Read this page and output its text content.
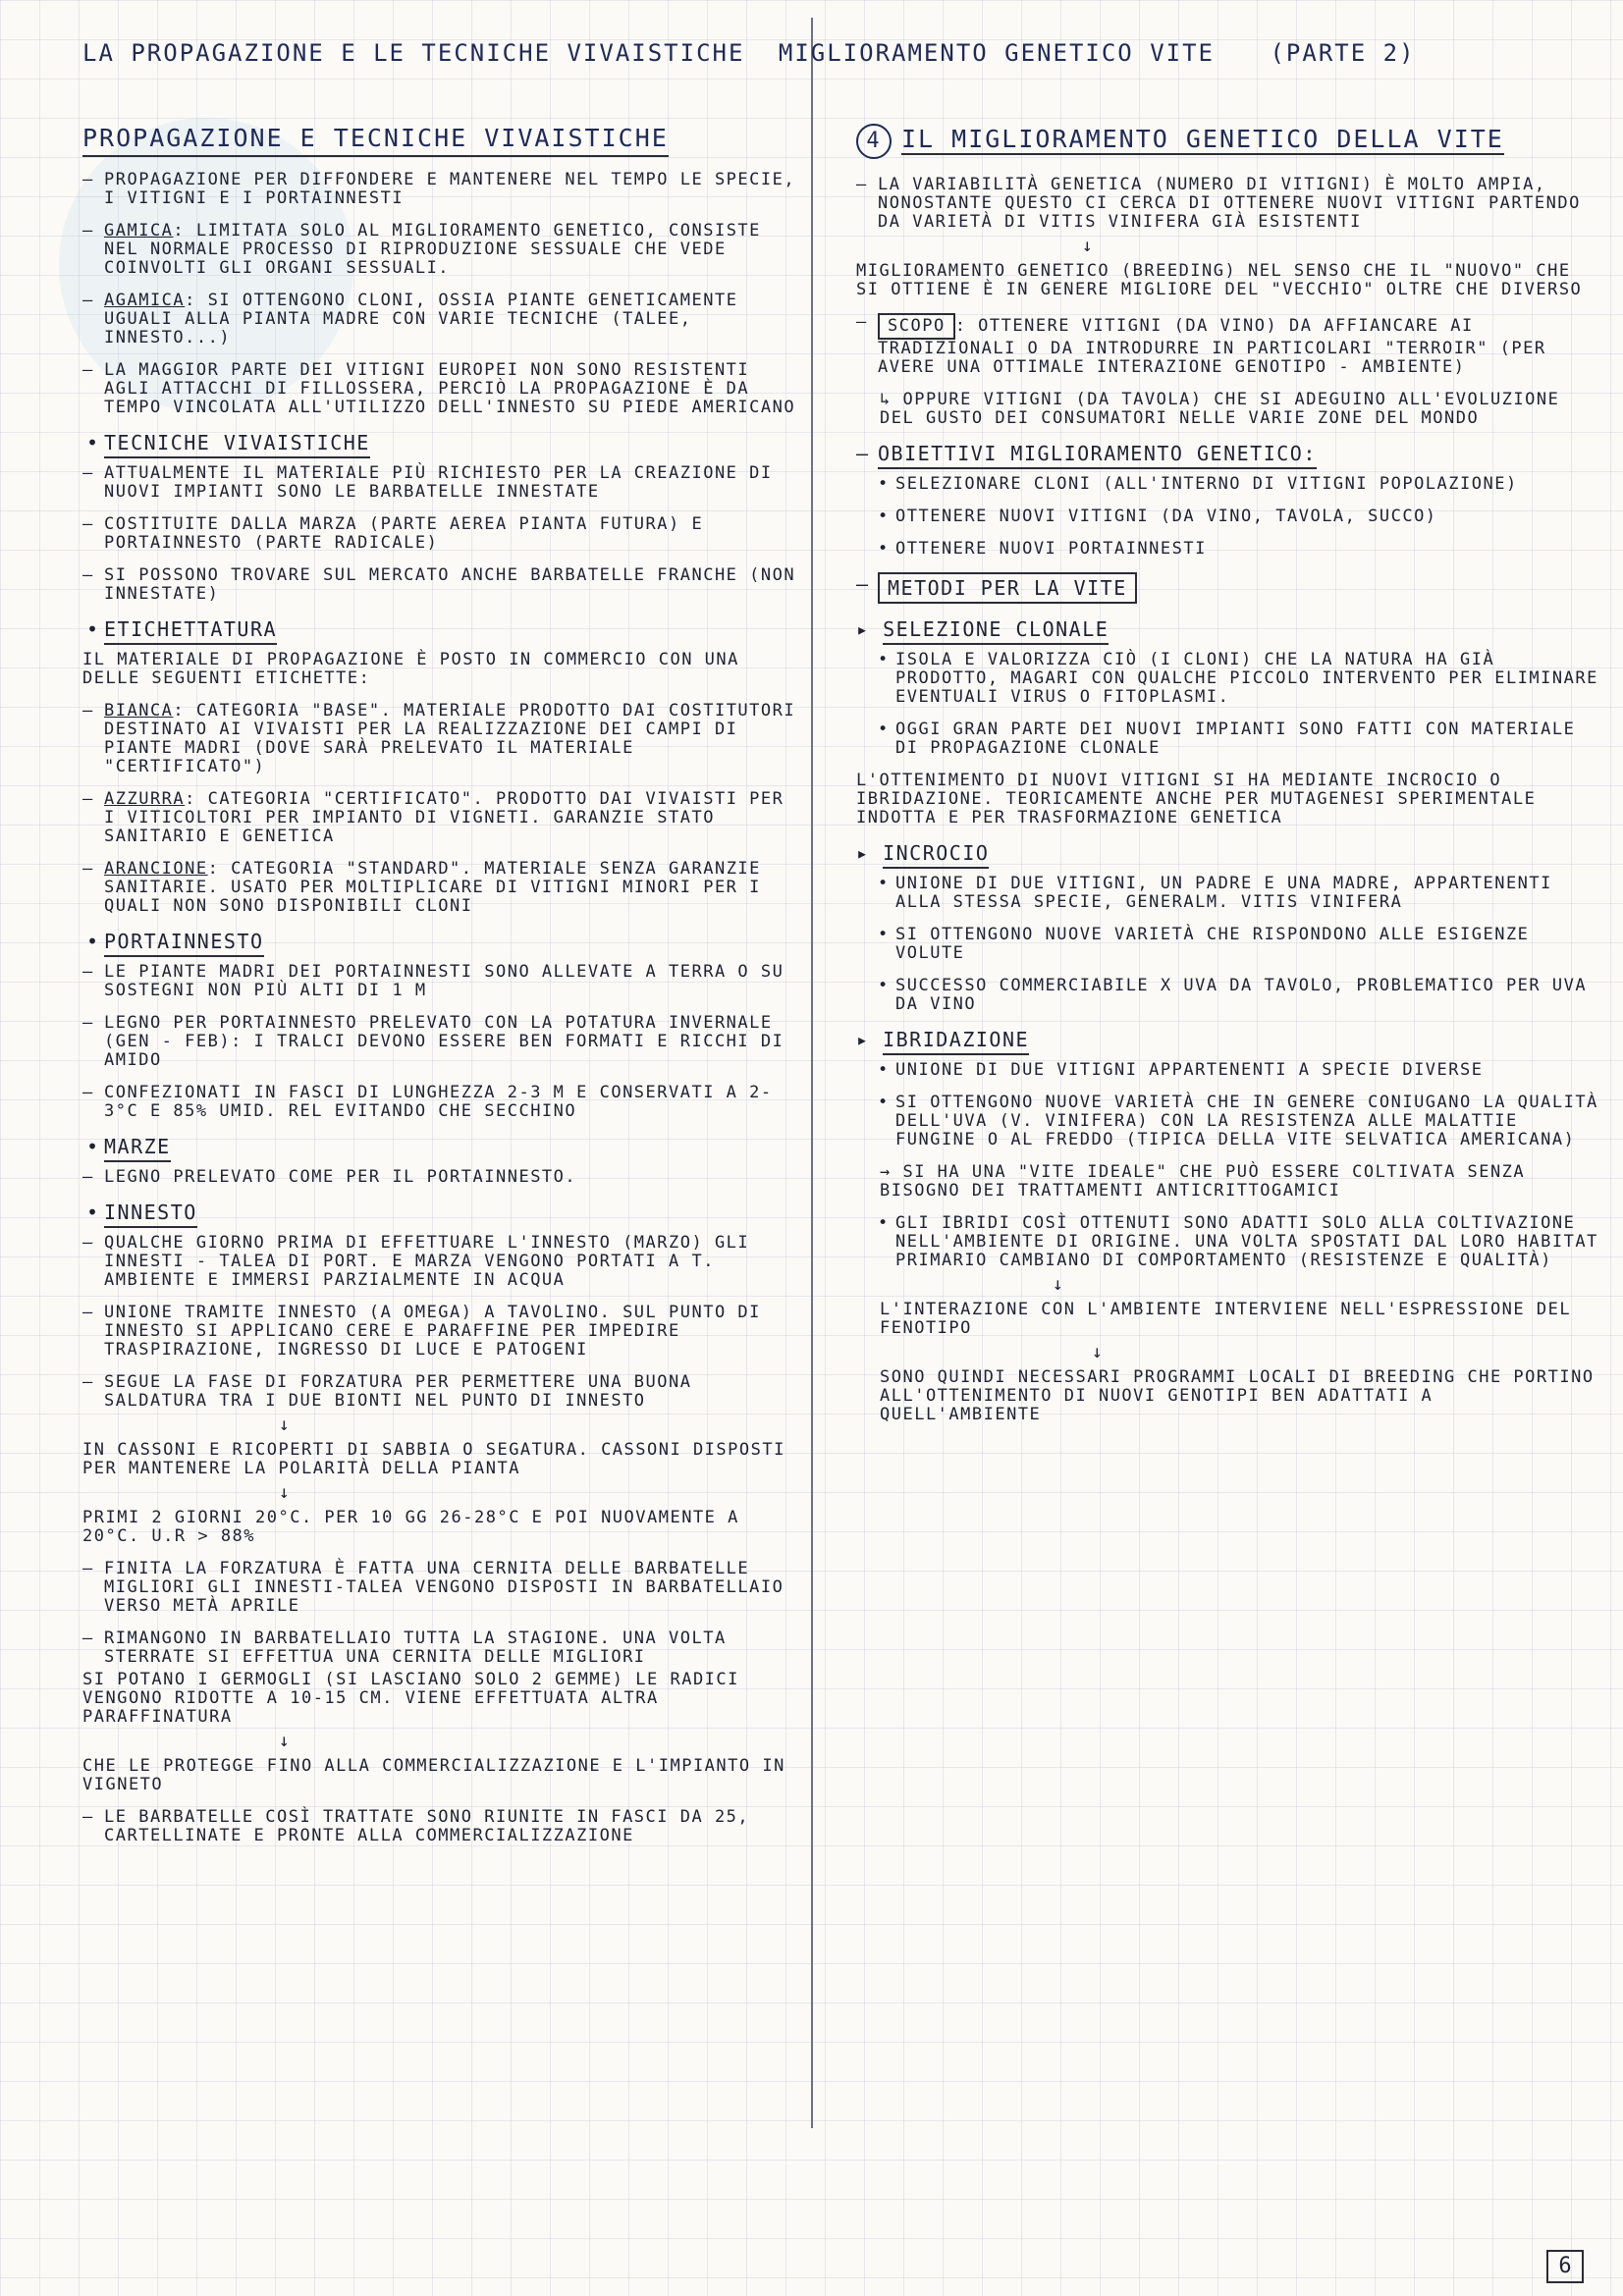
LA PROPAGAZIONE E LE TECNICHE VIVAISTICHE MIGLIORAMENTO GENETICO VITE (PARTE 2)
PROPAGAZIONE E TECNICHE VIVAISTICHE
– PROPAGAZIONE PER DIFFONDERE E MANTENERE NEL TEMPO LE SPECIE, I VITIGNI E I PORTAINNESTI
– GAMICA: LIMITATA SOLO AL MIGLIORAMENTO GENETICO, CONSISTE NEL NORMALE PROCESSO DI RIPRODUZIONE SESSUALE CHE VEDE COINVOLTI GLI ORGANI SESSUALI.
– AGAMICA: SI OTTENGONO CLONI, OSSIA PIANTE GENETICAMENTE UGUALI ALLA PIANTA MADRE CON VARIE TECNICHE (TALEE, INNESTO...)
– LA MAGGIOR PARTE DEI VITIGNI EUROPEI NON SONO RESISTENTI AGLI ATTACCHI DI FILLOSSERA, PERCIÒ LA PROPAGAZIONE È DA TEMPO VINCOLATA ALL'UTILIZZO DELL'INNESTO SU PIEDE AMERICANO
• TECNICHE VIVAISTICHE
– ATTUALMENTE IL MATERIALE PIÙ RICHIESTO PER LA CREAZIONE DI NUOVI IMPIANTI SONO LE BARBATELLE INNESTATE
– COSTITUITE DALLA MARZA (PARTE AEREA PIANTA FUTURA) E PORTAINNESTO (PARTE RADICALE)
– SI POSSONO TROVARE SUL MERCATO ANCHE BARBATELLE FRANCHE (NON INNESTATE)
• ETICHETTATURA
IL MATERIALE DI PROPAGAZIONE È POSTO IN COMMERCIO CON UNA DELLE SEGUENTI ETICHETTE:
– BIANCA: CATEGORIA "BASE". MATERIALE PRODOTTO DAI COSTITUTORI DESTINATO AI VIVAISTI PER LA REALIZZAZIONE DEI CAMPI DI PIANTE MADRI (DOVE SARÀ PRELEVATO IL MATERIALE "CERTIFICATO")
– AZZURRA: CATEGORIA "CERTIFICATO". PRODOTTO DAI VIVAISTI PER I VITICOLTORI PER IMPIANTO DI VIGNETI. GARANZIE STATO SANITARIO E GENETICA
– ARANCIONE: CATEGORIA "STANDARD". MATERIALE SENZA GARANZIE SANITARIE. USATO PER MOLTIPLICARE DI VITIGNI MINORI PER I QUALI NON SONO DISPONIBILI CLONI
• PORTAINNESTO
– LE PIANTE MADRI DEI PORTAINNESTI SONO ALLEVATE A TERRA O SU SOSTEGNI NON PIÙ ALTI DI 1 M
– LEGNO PER PORTAINNESTO PRELEVATO CON LA POTATURA INVERNALE (GEN - FEB): I TRALCI DEVONO ESSERE BEN FORMATI E RICCHI DI AMIDO
– CONFEZIONATI IN FASCI DI LUNGHEZZA 2-3 M E CONSERVATI A 2-3°C E 85% UMID. REL EVITANDO CHE SECCHINO
• MARZE
– LEGNO PRELEVATO COME PER IL PORTAINNESTO.
• INNESTO
– QUALCHE GIORNO PRIMA DI EFFETTUARE L'INNESTO (MARZO) GLI INNESTI - TALEA DI PORT. E MARZA VENGONO PORTATI A T. AMBIENTE E IMMERSI PARZIALMENTE IN ACQUA
– UNIONE TRAMITE INNESTO (A OMEGA) A TAVOLINO. SUL PUNTO DI INNESTO SI APPLICANO CERE E PARAFFINE PER IMPEDIRE TRASPIRAZIONE, INGRESSO DI LUCE E PATOGENI
– SEGUE LA FASE DI FORZATURA PER PERMETTERE UNA BUONA SALDATURA TRA I DUE BIONTI NEL PUNTO DI INNESTO
↓
IN CASSONI E RICOPERTI DI SABBIA O SEGATURA. CASSONI DISPOSTI PER MANTENERE LA POLARITÀ DELLA PIANTA
↓
PRIMI 2 GIORNI 20°C. PER 10 GG 26-28°C E POI NUOVAMENTE A 20°C. U.R > 88%
– FINITA LA FORZATURA È FATTA UNA CERNITA DELLE BARBATELLE MIGLIORI GLI INNESTI-TALEA VENGONO DISPOSTI IN BARBATELLAIO VERSO METÀ APRILE
– RIMANGONO IN BARBATELLAIO TUTTA LA STAGIONE. UNA VOLTA STERRATE SI EFFETTUA UNA CERNITA DELLE MIGLIORI
SI POTANO I GERMOGLI (SI LASCIANO SOLO 2 GEMME) LE RADICI VENGONO RIDOTTE A 10-15 CM. VIENE EFFETTUATA ALTRA PARAFFINATURA
↓
CHE LE PROTEGGE FINO ALLA COMMERCIALIZZAZIONE E L'IMPIANTO IN VIGNETO
– LE BARBATELLE COSÌ TRATTATE SONO RIUNITE IN FASCI DA 25, CARTELLINATE E PRONTE ALLA COMMERCIALIZZAZIONE
4 IL MIGLIORAMENTO GENETICO DELLA VITE
– LA VARIABILITÀ GENETICA (NUMERO DI VITIGNI) È MOLTO AMPIA, NONOSTANTE QUESTO CI CERCA DI OTTENERE NUOVI VITIGNI PARTENDO DA VARIETÀ DI VITIS VINIFERA GIÀ ESISTENTI
↓
MIGLIORAMENTO GENETICO (BREEDING) NEL SENSO CHE IL "NUOVO" CHE SI OTTIENE È IN GENERE MIGLIORE DEL "VECCHIO" OLTRE CHE DIVERSO
– SCOPO : OTTENERE VITIGNI (DA VINO) DA AFFIANCARE AI TRADIZIONALI O DA INTRODURRE IN PARTICOLARI "TERROIR" (PER AVERE UNA OTTIMALE INTERAZIONE GENOTIPO - AMBIENTE)
↳ OPPURE VITIGNI (DA TAVOLA) CHE SI ADEGUINO ALL'EVOLUZIONE DEL GUSTO DEI CONSUMATORI NELLE VARIE ZONE DEL MONDO
– OBIETTIVI MIGLIORAMENTO GENETICO:
• SELEZIONARE CLONI (ALL'INTERNO DI VITIGNI POPOLAZIONE)
• OTTENERE NUOVI VITIGNI (DA VINO, TAVOLA, SUCCO)
• OTTENERE NUOVI PORTAINNESTI
– METODI PER LA VITE
▸ SELEZIONE CLONALE
• ISOLA E VALORIZZA CIÒ (I CLONI) CHE LA NATURA HA GIÀ PRODOTTO, MAGARI CON QUALCHE PICCOLO INTERVENTO PER ELIMINARE EVENTUALI VIRUS O FITOPLASMI.
• OGGI GRAN PARTE DEI NUOVI IMPIANTI SONO FATTI CON MATERIALE DI PROPAGAZIONE CLONALE
L'OTTENIMENTO DI NUOVI VITIGNI SI HA MEDIANTE INCROCIO O IBRIDAZIONE. TEORICAMENTE ANCHE PER MUTAGENESI SPERIMENTALE INDOTTA E PER TRASFORMAZIONE GENETICA
▸ INCROCIO
• UNIONE DI DUE VITIGNI, UN PADRE E UNA MADRE, APPARTENENTI ALLA STESSA SPECIE, GENERALM. VITIS VINIFERA
• SI OTTENGONO NUOVE VARIETÀ CHE RISPONDONO ALLE ESIGENZE VOLUTE
• SUCCESSO COMMERCIABILE X UVA DA TAVOLO, PROBLEMATICO PER UVA DA VINO
▸ IBRIDAZIONE
• UNIONE DI DUE VITIGNI APPARTENENTI A SPECIE DIVERSE
• SI OTTENGONO NUOVE VARIETÀ CHE IN GENERE CONIUGANO LA QUALITÀ DELL'UVA (V. VINIFERA) CON LA RESISTENZA ALLE MALATTIE FUNGINE O AL FREDDO (TIPICA DELLA VITE SELVATICA AMERICANA)
→ SI HA UNA "VITE IDEALE" CHE PUÒ ESSERE COLTIVATA SENZA BISOGNO DEI TRATTAMENTI ANTICRITTOGAMICI
• GLI IBRIDI COSÌ OTTENUTI SONO ADATTI SOLO ALLA COLTIVAZIONE NELL'AMBIENTE DI ORIGINE. UNA VOLTA SPOSTATI DAL LORO HABITAT PRIMARIO CAMBIANO DI COMPORTAMENTO (RESISTENZE E QUALITÀ)
↓
L'INTERAZIONE CON L'AMBIENTE INTERVIENE NELL'ESPRESSIONE DEL FENOTIPO
↓
SONO QUINDI NECESSARI PROGRAMMI LOCALI DI BREEDING CHE PORTINO ALL'OTTENIMENTO DI NUOVI GENOTIPI BEN ADATTATI A QUELL'AMBIENTE
6
